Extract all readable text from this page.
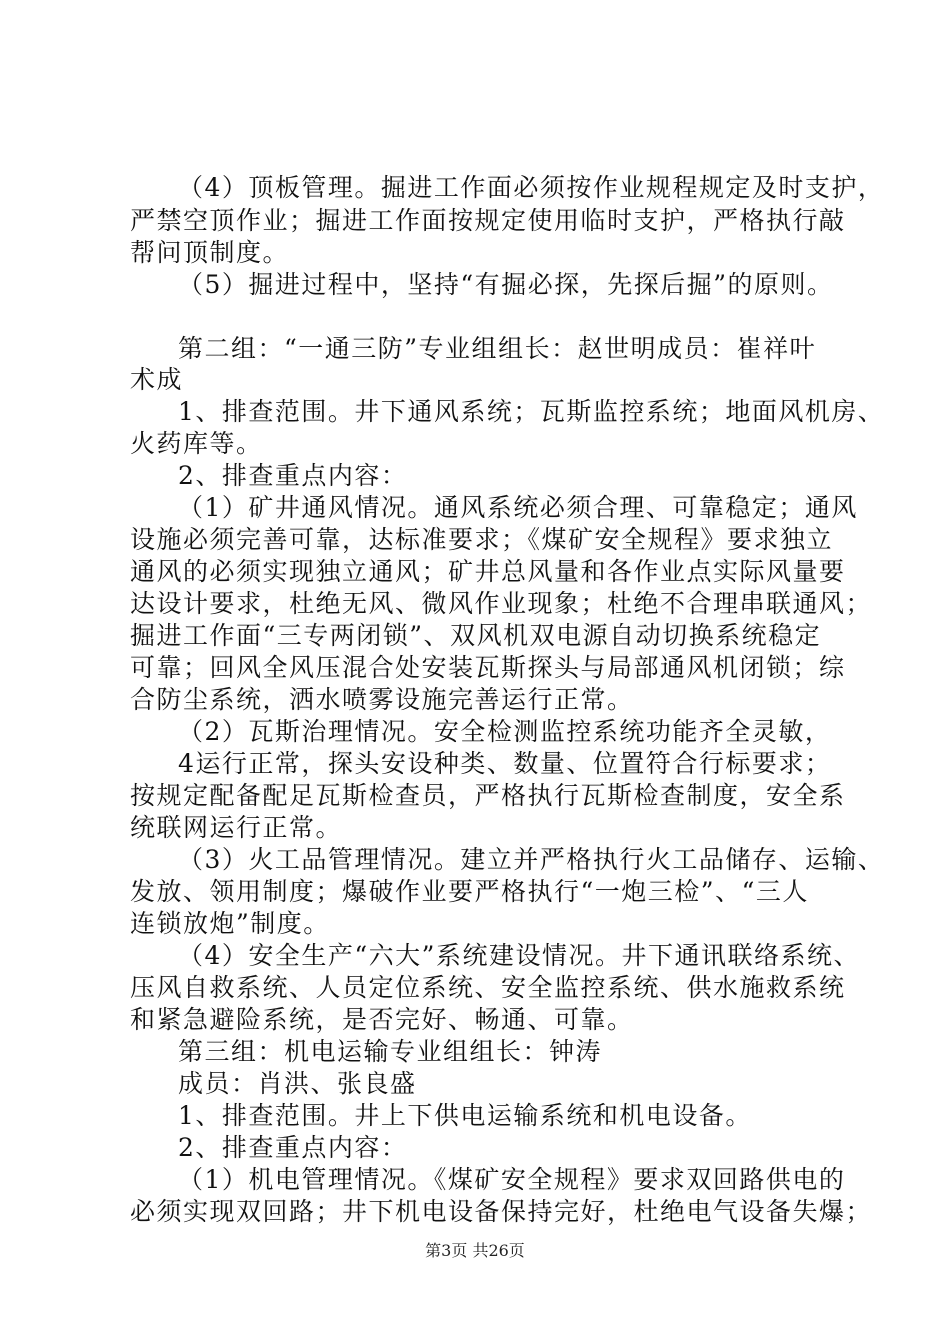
（4）顶板管理。掘进工作面必须按作业规程规定及时支护，
严禁空顶作业；掘进工作面按规定使用临时支护，严格执行敲
帮问顶制度。
（5）掘进过程中，坚持“有掘必探，先探后掘”的原则。
第二组：“一通三防”专业组组长：赵世明成员：崔祥叶
术成
1、排查范围。井下通风系统；瓦斯监控系统；地面风机房、
火药库等。
2、排查重点内容：
（1）矿井通风情况。通风系统必须合理、可靠稳定；通风
设施必须完善可靠，达标准要求；《煤矿安全规程》要求独立
通风的必须实现独立通风；矿井总风量和各作业点实际风量要
达设计要求，杜绝无风、微风作业现象；杜绝不合理串联通风；
掘进工作面“三专两闭锁”、双风机双电源自动切换系统稳定
可靠；回风全风压混合处安装瓦斯探头与局部通风机闭锁；综
合防尘系统，洒水喷雾设施完善运行正常。
（2）瓦斯治理情况。安全检测监控系统功能齐全灵敏，
4运行正常，探头安设种类、数量、位置符合行标要求；
按规定配备配足瓦斯检查员，严格执行瓦斯检查制度，安全系
统联网运行正常。
（3）火工品管理情况。建立并严格执行火工品储存、运输、
发放、领用制度；爆破作业要严格执行“一炮三检”、“三人
连锁放炮”制度。
（4）安全生产“六大”系统建设情况。井下通讯联络系统、
压风自救系统、人员定位系统、安全监控系统、供水施救系统
和紧急避险系统，是否完好、畅通、可靠。
第三组：机电运输专业组组长：钟涛
成员：肖洪、张良盛
1、排查范围。井上下供电运输系统和机电设备。
2、排查重点内容：
（1）机电管理情况。《煤矿安全规程》要求双回路供电的
必须实现双回路；井下机电设备保持完好，杜绝电气设备失爆；
第3页 共26页
